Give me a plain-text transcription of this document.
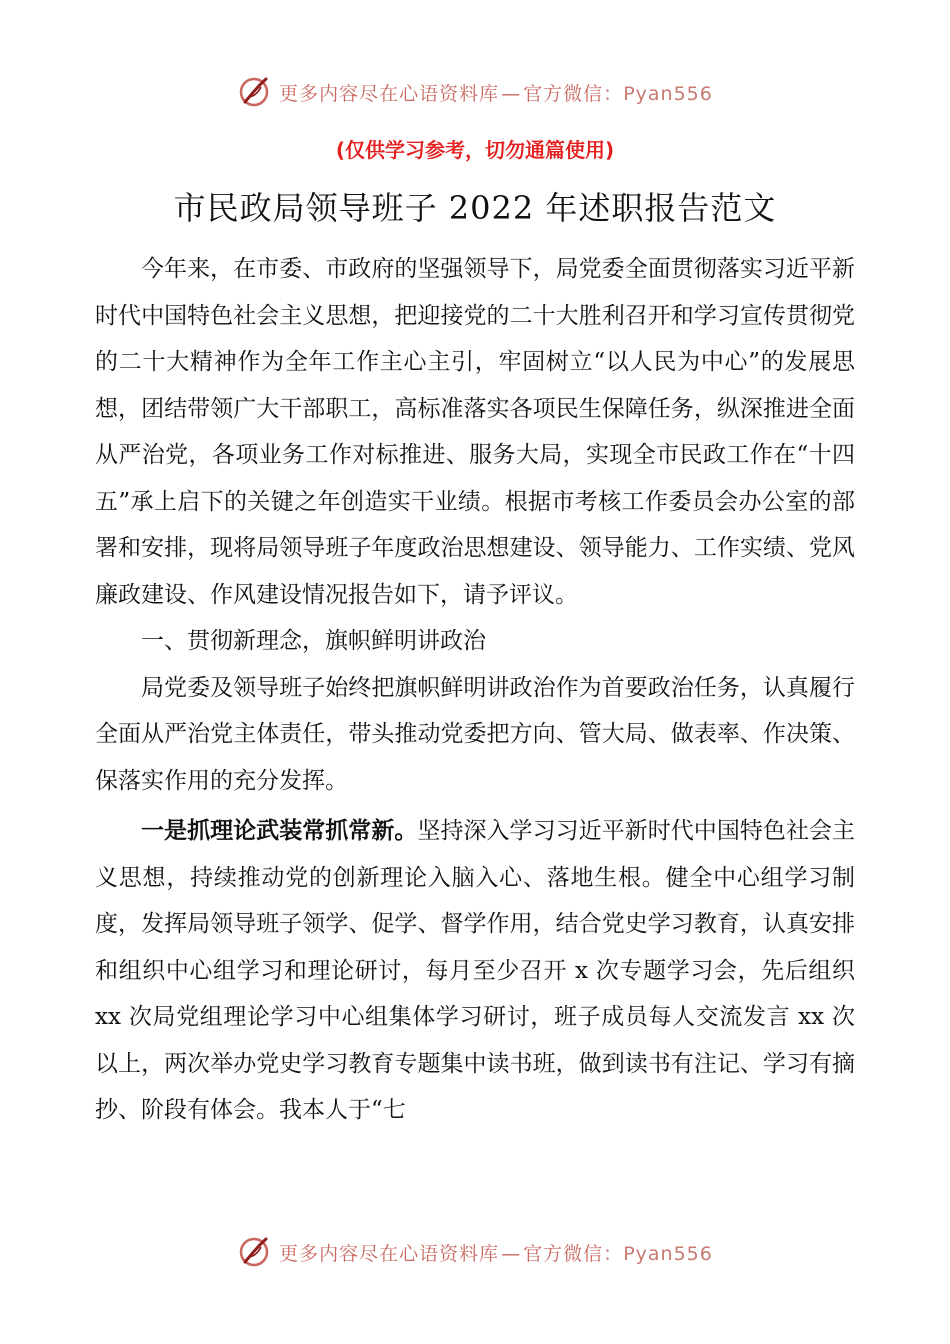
更多内容尽在心语资料库 — 官方微信：Pyan556
(仅供学习参考，切勿通篇使用)
市民政局领导班子 2022 年述职报告范文

今年来，在市委、市政府的坚强领导下，局党委全面贯彻落实习近平新时代中国特色社会主义思想，把迎接党的二十大胜利召开和学习宣传贯彻党的二十大精神作为全年工作主心主引，牢固树立“以人民为中心”的发展思想，团结带领广大干部职工，高标准落实各项民生保障任务，纵深推进全面从严治党，各项业务工作对标推进、服务大局，实现全市民政工作在“十四五”承上启下的关键之年创造实干业绩。根据市考核工作委员会办公室的部署和安排，现将局领导班子年度政治思想建设、领导能力、工作实绩、党风廉政建设、作风建设情况报告如下，请予评议。

一、贯彻新理念，旗帜鲜明讲政治

局党委及领导班子始终把旗帜鲜明讲政治作为首要政治任务，认真履行全面从严治党主体责任，带头推动党委把方向、管大局、做表率、作决策、保落实作用的充分发挥。

一是抓理论武装常抓常新。坚持深入学习习近平新时代中国特色社会主义思想，持续推动党的创新理论入脑入心、落地生根。健全中心组学习制度，发挥局领导班子领学、促学、督学作用，结合党史学习教育，认真安排和组织中心组学习和理论研讨，每月至少召开 x 次专题学习会，先后组织 xx 次局党组理论学习中心组集体学习研讨，班子成员每人交流发言 xx 次以上，两次举办党史学习教育专题集中读书班，做到读书有注记、学习有摘抄、阶段有体会。我本人于“七

更多内容尽在心语资料库 — 官方微信：Pyan556
